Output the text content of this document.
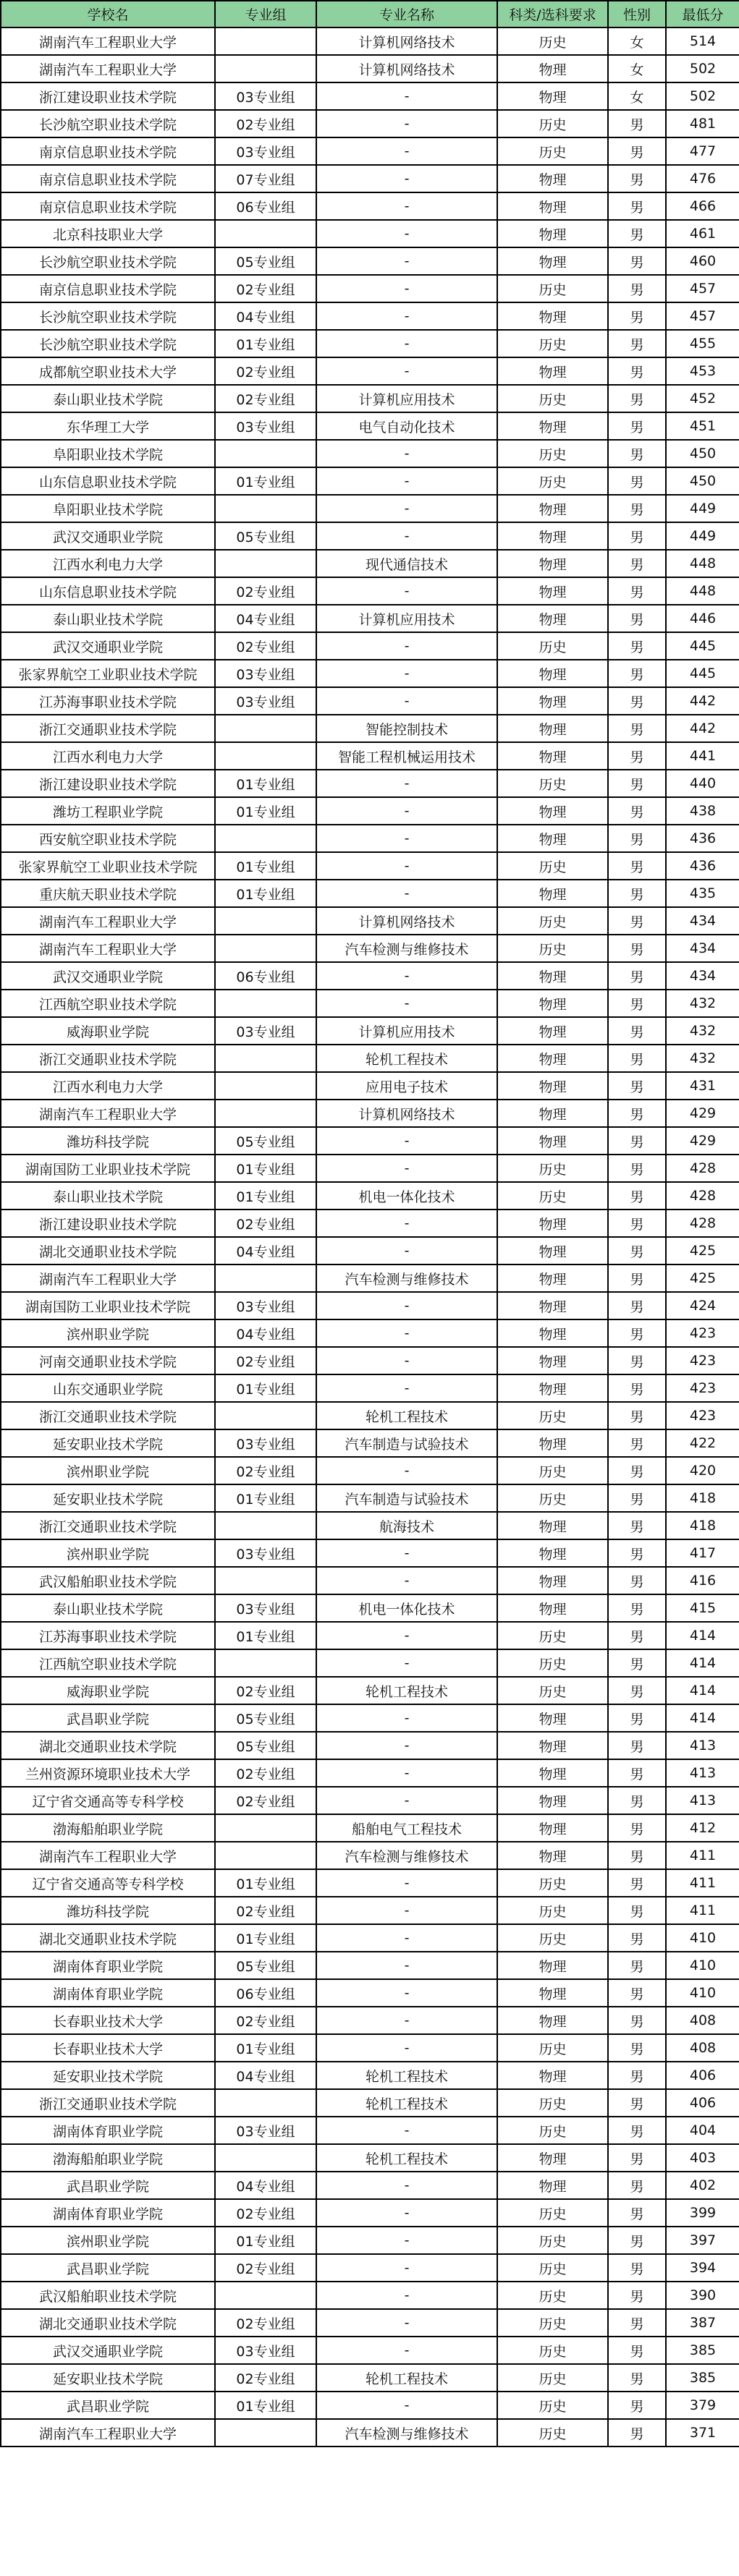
学校名	专业组	专业名称	科类/选科要求	性别	最低分
湖南汽车工程职业大学		计算机网络技术	历史	女	514
湖南汽车工程职业大学		计算机网络技术	物理	女	502
浙江建设职业技术学院	03专业组	-	物理	女	502
长沙航空职业技术学院	02专业组	-	历史	男	481
南京信息职业技术学院	03专业组	-	历史	男	477
南京信息职业技术学院	07专业组	-	物理	男	476
南京信息职业技术学院	06专业组	-	物理	男	466
北京科技职业大学		-	物理	男	461
长沙航空职业技术学院	05专业组	-	物理	男	460
南京信息职业技术学院	02专业组	-	历史	男	457
长沙航空职业技术学院	04专业组	-	物理	男	457
长沙航空职业技术学院	01专业组	-	历史	男	455
成都航空职业技术大学	02专业组	-	物理	男	453
泰山职业技术学院	02专业组	计算机应用技术	历史	男	452
东华理工大学	03专业组	电气自动化技术	物理	男	451
阜阳职业技术学院		-	历史	男	450
山东信息职业技术学院	01专业组	-	历史	男	450
阜阳职业技术学院		-	物理	男	449
武汉交通职业学院	05专业组	-	物理	男	449
江西水利电力大学		现代通信技术	物理	男	448
山东信息职业技术学院	02专业组	-	物理	男	448
泰山职业技术学院	04专业组	计算机应用技术	物理	男	446
武汉交通职业学院	02专业组	-	历史	男	445
张家界航空工业职业技术学院	03专业组	-	物理	男	445
江苏海事职业技术学院	03专业组	-	物理	男	442
浙江交通职业技术学院		智能控制技术	物理	男	442
江西水利电力大学		智能工程机械运用技术	物理	男	441
浙江建设职业技术学院	01专业组	-	历史	男	440
潍坊工程职业学院	01专业组	-	物理	男	438
西安航空职业技术学院		-	物理	男	436
张家界航空工业职业技术学院	01专业组	-	历史	男	436
重庆航天职业技术学院	01专业组	-	物理	男	435
湖南汽车工程职业大学		计算机网络技术	历史	男	434
湖南汽车工程职业大学		汽车检测与维修技术	历史	男	434
武汉交通职业学院	06专业组	-	物理	男	434
江西航空职业技术学院		-	物理	男	432
威海职业学院	03专业组	计算机应用技术	物理	男	432
浙江交通职业技术学院		轮机工程技术	物理	男	432
江西水利电力大学		应用电子技术	物理	男	431
湖南汽车工程职业大学		计算机网络技术	物理	男	429
潍坊科技学院	05专业组	-	物理	男	429
湖南国防工业职业技术学院	01专业组	-	历史	男	428
泰山职业技术学院	01专业组	机电一体化技术	历史	男	428
浙江建设职业技术学院	02专业组	-	物理	男	428
湖北交通职业技术学院	04专业组	-	物理	男	425
湖南汽车工程职业大学		汽车检测与维修技术	物理	男	425
湖南国防工业职业技术学院	03专业组	-	物理	男	424
滨州职业学院	04专业组	-	物理	男	423
河南交通职业技术学院	02专业组	-	物理	男	423
山东交通职业学院	01专业组	-	物理	男	423
浙江交通职业技术学院		轮机工程技术	历史	男	423
延安职业技术学院	03专业组	汽车制造与试验技术	物理	男	422
滨州职业学院	02专业组	-	历史	男	420
延安职业技术学院	01专业组	汽车制造与试验技术	历史	男	418
浙江交通职业技术学院		航海技术	物理	男	418
滨州职业学院	03专业组	-	物理	男	417
武汉船舶职业技术学院		-	物理	男	416
泰山职业技术学院	03专业组	机电一体化技术	物理	男	415
江苏海事职业技术学院	01专业组	-	历史	男	414
江西航空职业技术学院		-	历史	男	414
威海职业学院	02专业组	轮机工程技术	历史	男	414
武昌职业学院	05专业组	-	物理	男	414
湖北交通职业技术学院	05专业组	-	物理	男	413
兰州资源环境职业技术大学	02专业组	-	物理	男	413
辽宁省交通高等专科学校	02专业组	-	物理	男	413
渤海船舶职业学院		船舶电气工程技术	物理	男	412
湖南汽车工程职业大学		汽车检测与维修技术	物理	男	411
辽宁省交通高等专科学校	01专业组	-	历史	男	411
潍坊科技学院	02专业组	-	历史	男	411
湖北交通职业技术学院	01专业组	-	历史	男	410
湖南体育职业学院	05专业组	-	物理	男	410
湖南体育职业学院	06专业组	-	物理	男	410
长春职业技术大学	02专业组	-	物理	男	408
长春职业技术大学	01专业组	-	历史	男	408
延安职业技术学院	04专业组	轮机工程技术	物理	男	406
浙江交通职业技术学院		轮机工程技术	历史	男	406
湖南体育职业学院	03专业组	-	历史	男	404
渤海船舶职业学院		轮机工程技术	物理	男	403
武昌职业学院	04专业组	-	物理	男	402
湖南体育职业学院	02专业组	-	历史	男	399
滨州职业学院	01专业组	-	历史	男	397
武昌职业学院	02专业组	-	历史	男	394
武汉船舶职业技术学院		-	历史	男	390
湖北交通职业技术学院	02专业组	-	历史	男	387
武汉交通职业学院	03专业组	-	历史	男	385
延安职业技术学院	02专业组	轮机工程技术	历史	男	385
武昌职业学院	01专业组	-	历史	男	379
湖南汽车工程职业大学		汽车检测与维修技术	历史	男	371
